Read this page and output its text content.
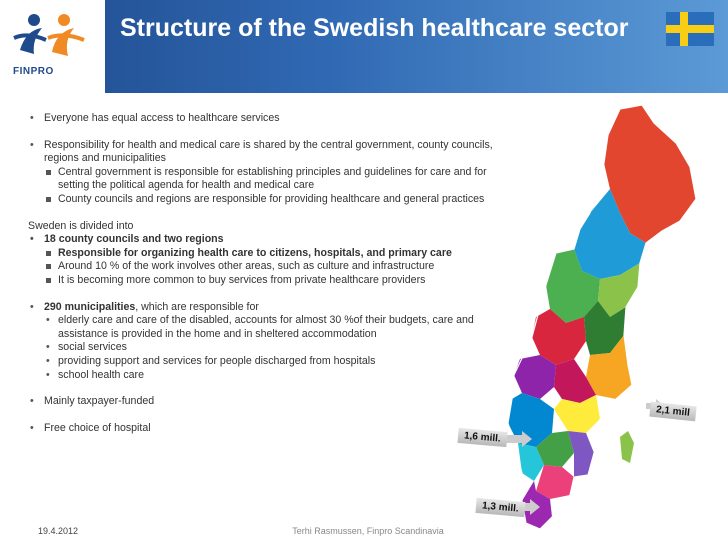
FINPRO
Structure of the Swedish healthcare sector
• Everyone has equal access to healthcare services
• Responsibility for health and medical care is shared by the central government, county councils, regions and municipalities
Central government is responsible for establishing principles and guidelines for care and for setting the political agenda for health and medical care
County councils and regions are responsible for providing healthcare and general practices
Sweden is divided into
• 18 county councils and two regions
Responsible for organizing health care to citizens, hospitals, and primary care
Around 10 % of the work involves other areas, such as culture and infrastructure
It is becoming more common to buy services from private healthcare providers
• 290 municipalities, which are responsible for
• elderly care and care of the disabled, accounts for almost 30 %of their budgets, care and assistance is provided in the home and in sheltered accommodation
• social services
• providing support and services for people discharged from hospitals
• school health care
• Mainly taxpayer-funded
• Free choice of hospital
2,1 mill
1,6 mill.
1,3 mill.
19.4.2012	Terhi Rasmussen, Finpro Scandinavia
